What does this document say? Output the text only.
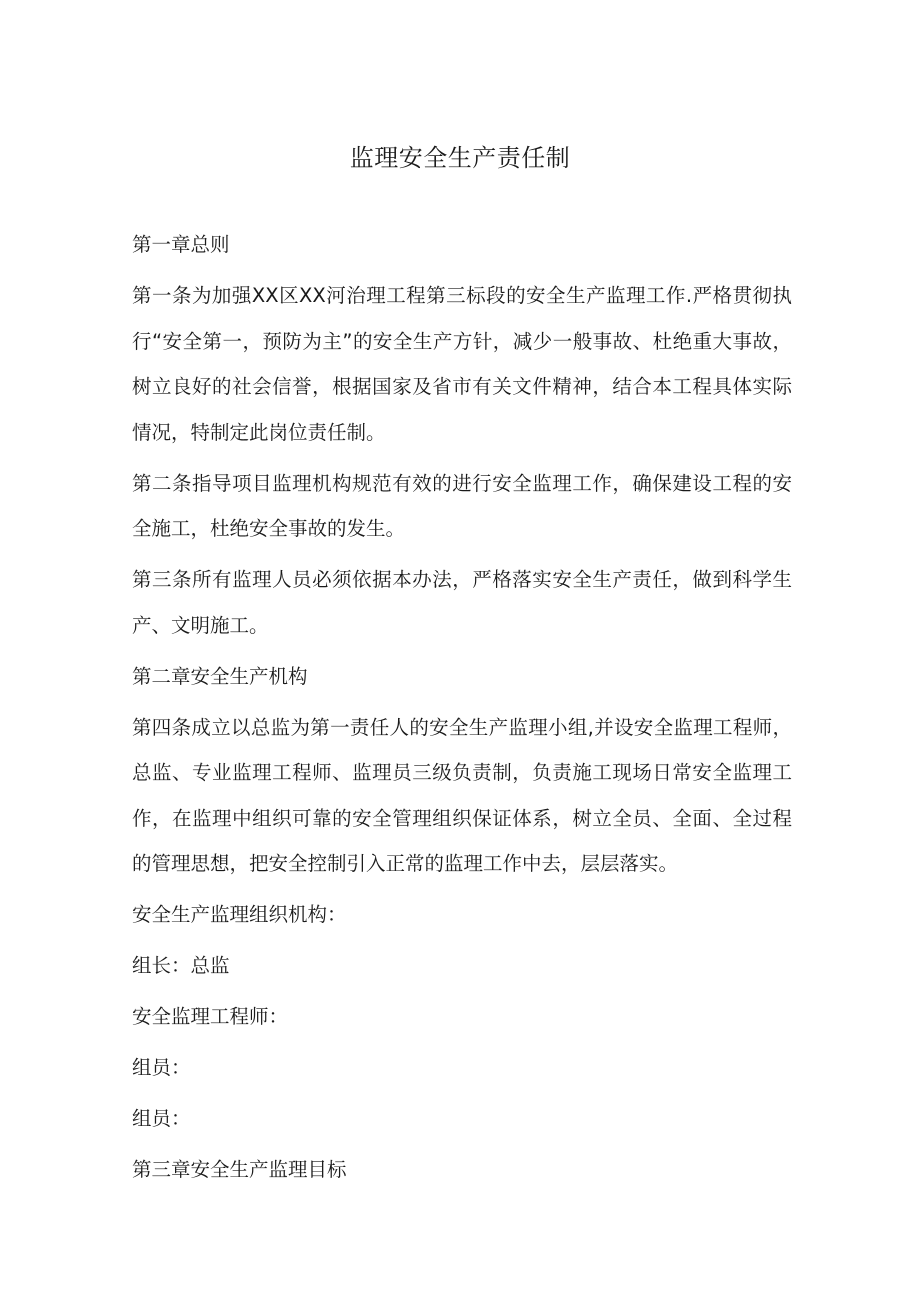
监理安全生产责任制

第一章总则

第一条为加强XX区XX河治理工程第三标段的安全生产监理工作.严格贯彻执行“安全第一，预防为主”的安全生产方针，减少一般事故、杜绝重大事故，树立良好的社会信誉，根据国家及省市有关文件精神，结合本工程具体实际情况，特制定此岗位责任制。

第二条指导项目监理机构规范有效的进行安全监理工作，确保建设工程的安全施工，杜绝安全事故的发生。

第三条所有监理人员必须依据本办法，严格落实安全生产责任，做到科学生产、文明施工。

第二章安全生产机构

第四条成立以总监为第一责任人的安全生产监理小组,并设安全监理工程师，总监、专业监理工程师、监理员三级负责制，负责施工现场日常安全监理工作，在监理中组织可靠的安全管理组织保证体系，树立全员、全面、全过程的管理思想，把安全控制引入正常的监理工作中去，层层落实。

安全生产监理组织机构：

组长：总监

安全监理工程师：

组员：

组员：

第三章安全生产监理目标
